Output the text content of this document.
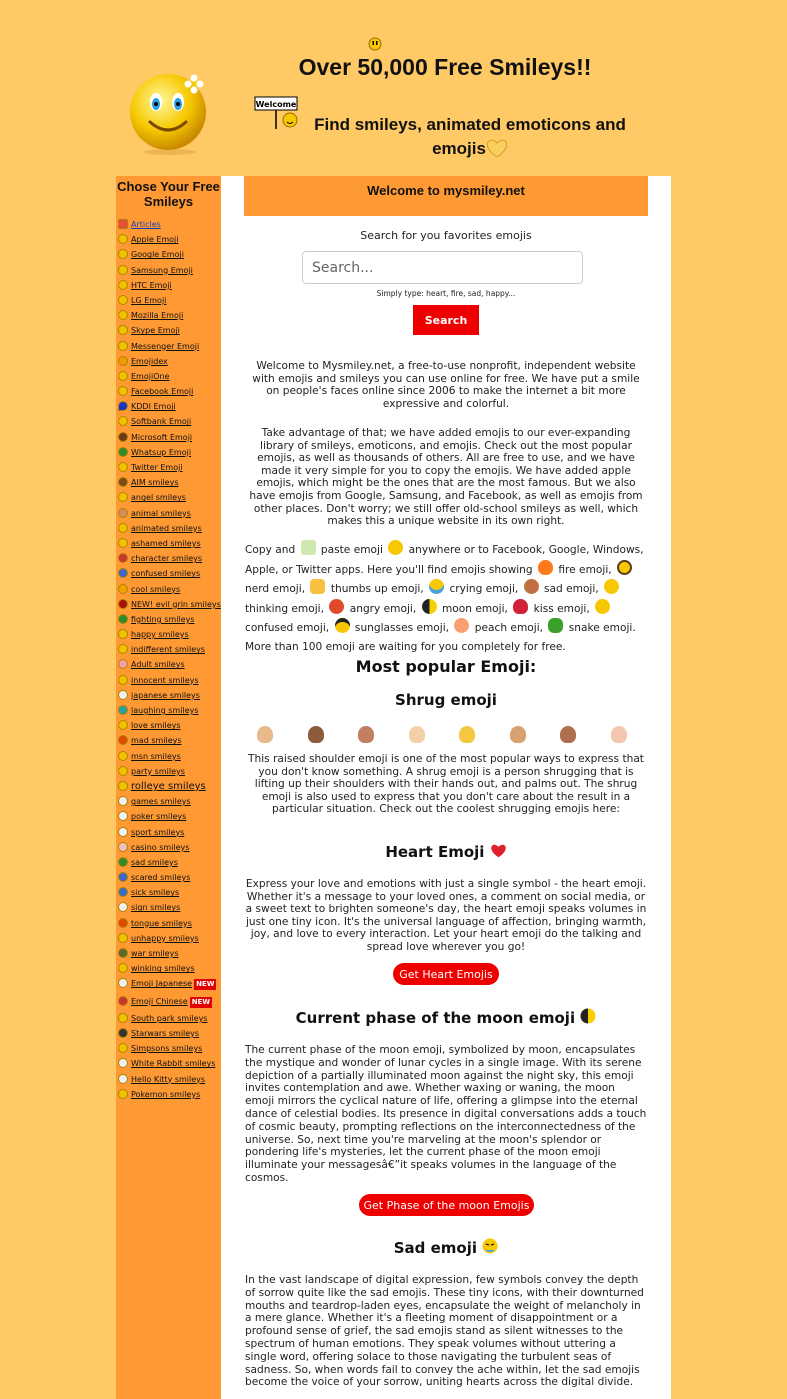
Over 50,000 Free Smileys!!
Welcome
Find smileys, animated emoticons and emojis
Chose Your Free Smileys
Articles
Apple Emoji
Google Emoji
Samsung Emoji
HTC Emoji
LG Emoji
Mozilla Emoji
Skype Emoji
Messenger Emoji
Emojidex
EmojiOne
Facebook Emoji
KDDI Emoji
Softbank Emoji
Microsoft Emoji
Whatsup Emoji
Twitter Emoji
AIM smileys
angel smileys
animal smileys
animated smileys
ashamed smileys
character smileys
confused smileys
cool smileys
NEW! evil grin smileys
fighting smileys
happy smileys
indifferent smileys
Adult smileys
innocent smileys
japanese smileys
laughing smileys
love smileys
mad smileys
msn smileys
party smileys
rolleye smileys
games smileys
poker smileys
sport smileys
casino smileys
sad smileys
scared smileys
sick smileys
sign smileys
tongue smileys
unhappy smileys
war smileys
winking smileys
Emoji Japanese NEW
Emoji Chinese NEW
South park smileys
Starwars smileys
Simpsons smileys
White Rabbit smileys
Hello Kitty smileys
Pokemon smileys
Welcome to mysmiley.net
Search for you favorites emojis
Search...
Simply type: heart, fire, sad, happy...
Search
Welcome to Mysmiley.net, a free-to-use nonprofit, independent website with emojis and smileys you can use online for free. We have put a smile on people's faces online since 2006 to make the internet a bit more expressive and colorful.
Take advantage of that; we have added emojis to our ever-expanding library of smileys, emoticons, and emojis. Check out the most popular emojis, as well as thousands of others. All are free to use, and we have made it very simple for you to copy the emojis. We have added apple emojis, which might be the ones that are the most famous. But we also have emojis from Google, Samsung, and Facebook, as well as emojis from other places. Don't worry; we still offer old-school smileys as well, which makes this a unique website in its own right.
Copy and paste emoji anywhere or to Facebook, Google, Windows, Apple, or Twitter apps. Here you'll find emojis showing fire emoji,  nerd emoji, thumbs up emoji, crying emoji, sad emoji,  thinking emoji, angry emoji, moon emoji, kiss emoji,  confused emoji, sunglasses emoji, peach emoji, snake emoji. More than 100 emoji are waiting for you completely for free.
Most popular Emoji:
Shrug emoji
This raised shoulder emoji is one of the most popular ways to express that you don't know something. A shrug emoji is a person shrugging that is lifting up their shoulders with their hands out, and palms out. The shrug emoji is also used to express that you don't care about the result in a particular situation. Check out the coolest shrugging emojis here:
Heart Emoji
Express your love and emotions with just a single symbol - the heart emoji. Whether it's a message to your loved ones, a comment on social media, or a sweet text to brighten someone's day, the heart emoji speaks volumes in just one tiny icon. It's the universal language of affection, bringing warmth, joy, and love to every interaction. Let your heart emoji do the talking and spread love wherever you go!
Get Heart Emojis
Current phase of the moon emoji
The current phase of the moon emoji, symbolized by moon, encapsulates the mystique and wonder of lunar cycles in a single image. With its serene depiction of a partially illuminated moon against the night sky, this emoji invites contemplation and awe. Whether waxing or waning, the moon emoji mirrors the cyclical nature of life, offering a glimpse into the eternal dance of celestial bodies. Its presence in digital conversations adds a touch of cosmic beauty, prompting reflections on the interconnectedness of the universe. So, next time you're marveling at the moon's splendor or pondering life's mysteries, let the current phase of the moon emoji illuminate your messagesâ€”it speaks volumes in the language of the cosmos.
Get Phase of the moon Emojis
Sad emoji
In the vast landscape of digital expression, few symbols convey the depth of sorrow quite like the sad emojis. These tiny icons, with their downturned mouths and teardrop-laden eyes, encapsulate the weight of melancholy in a mere glance. Whether it's a fleeting moment of disappointment or a profound sense of grief, the sad emojis stand as silent witnesses to the spectrum of human emotions. They speak volumes without uttering a single word, offering solace to those navigating the turbulent seas of sadness. So, when words fail to convey the ache within, let the sad emojis become the voice of your sorrow, uniting hearts across the digital divide.
